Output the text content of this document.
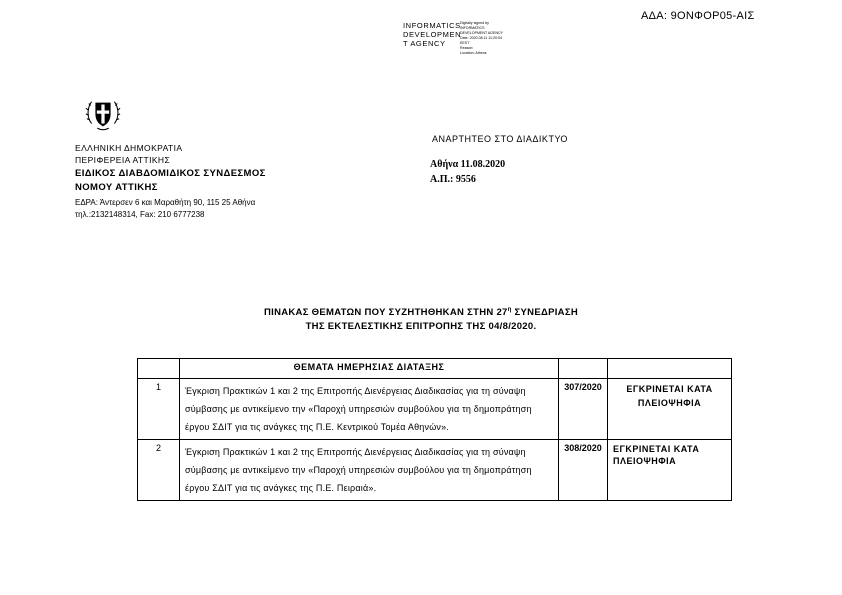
ΑΔΑ: 9ΟΝΦΟΡ05-ΑΙΣ
INFORMATICS
DEVELOPMEN
T AGENCY
Digitally signed by
INFORMATICS
DEVELOPMENT AGENCY
Date: 2020.08.11 11:20:04
EEST
Reason:
Location: Athens
ΕΛΛΗΝΙΚΗ ΔΗΜΟΚΡΑΤΙΑ
ΠΕΡΙΦΕΡΕΙΑ ΑΤΤΙΚΗΣ
ΕΙΔΙΚΟΣ ΔΙΑΒΔΟΜΙΔΙΚΟΣ ΣΥΝΔΕΣΜΟΣ
ΝΟΜΟΥ ΑΤΤΙΚΗΣ
ΕΔΡΑ: Άντερσεν 6 και Μαραθήτη 90, 115 25 Αθήνα
τηλ.:2132148314, Fax: 210 6777238
ΑΝΑΡΤΗΤΕΟ ΣΤΟ ΔΙΑΔΙΚΤΥΟ
Αθήνα 11.08.2020
Α.Π.: 9556
ΠΙΝΑΚΑΣ ΘΕΜΑΤΩΝ ΠΟΥ ΣΥΖΗΤΗΘΗΚΑΝ ΣΤΗΝ $27^\eta$ ΣΥΝΕΔΡΙΑΣΗ
ΤΗΣ ΕΚΤΕΛΕΣΤΙΚΗΣ ΕΠΙΤΡΟΠΗΣ ΤΗΣ 04/8/2020.
	ΘΕΜΑΤΑ ΗΜΕΡΗΣΙΑΣ ΔΙΑΤΑΞΗΣ		
1	Έγκριση Πρακτικών 1 και 2 της Επιτροπής Διενέργειας Διαδικασίας για τη σύναψη σύμβασης με αντικείμενο την «Παροχή υπηρεσιών συμβούλου για τη δημοπράτηση έργου ΣΔΙΤ για τις ανάγκες της Π.Ε. Κεντρικού Τομέα Αθηνών».	307/2020	ΕΓΚΡΙΝΕΤΑΙ ΚΑΤΑ ΠΛΕΙΟΨΗΦΙΑ
2	Έγκριση Πρακτικών 1 και 2 της Επιτροπής Διενέργειας Διαδικασίας για τη σύναψη σύμβασης με αντικείμενο την «Παροχή υπηρεσιών συμβούλου για τη δημοπράτηση έργου ΣΔΙΤ για τις ανάγκες της Π.Ε. Πειραιά».	308/2020	ΕΓΚΡΙΝΕΤΑΙ ΚΑΤΑ ΠΛΕΙΟΨΗΦΙΑ
